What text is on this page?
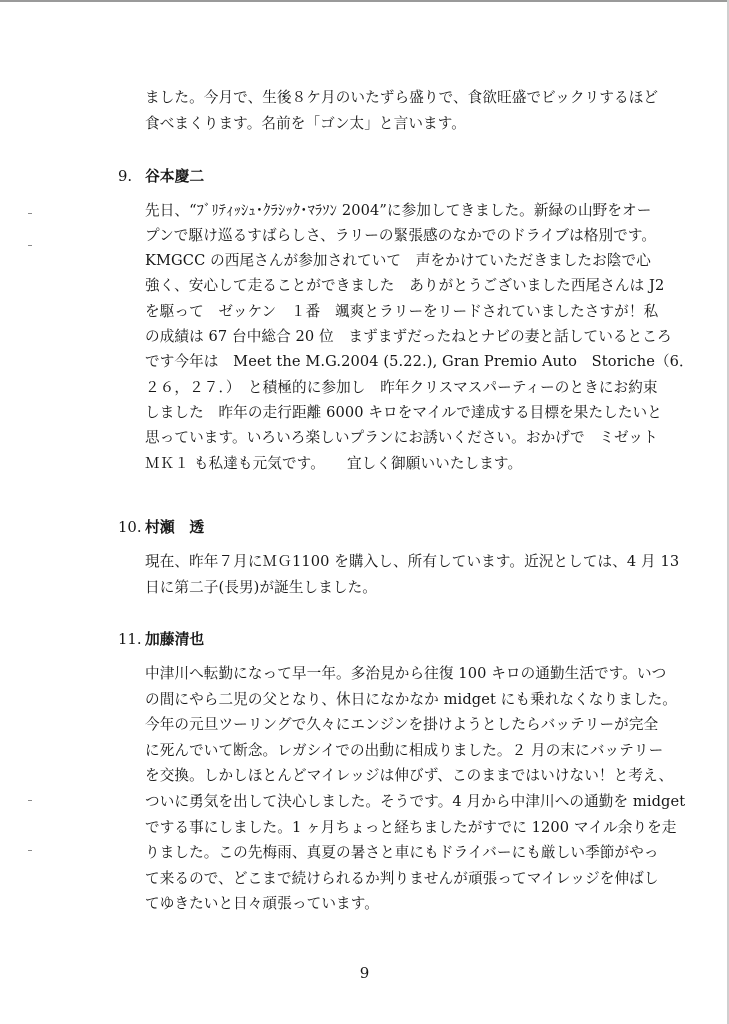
ました。今月で、生後８ケ月のいたずら盛りで、食欲旺盛でビックリするほど
食べまくります。名前を「ゴン太」と言います。
9. 谷本慶二
先日、“ﾌﾞﾘﾃｨｯｼｭ･ｸﾗｼｯｸ･ﾏﾗｿﾝ 2004”に参加してきました。新緑の山野をオー
プンで駆け巡るすばらしさ、ラリーの緊張感のなかでのドライブは格別です。
KMGCC の西尾さんが参加されていて　声をかけていただきましたお陰で心
強く、安心して走ることができました　ありがとうございました西尾さんは J2
を駆って　ゼッケン　１番　颯爽とラリーをリードされていましたさすが！私
の成績は 67 台中総合 20 位　まずまずだったねとナビの妻と話しているところ
です今年は　Meet the M.G.2004 (5.22.), Gran Premio Auto　Storiche（6．
２６，２７．）　と積極的に参加し　昨年クリスマスパーティーのときにお約束
しました　昨年の走行距離 6000 キロをマイルで達成する目標を果たしたいと
思っています。いろいろ楽しいプランにお誘いください。おかげで　ミゼット
ＭＫ１ も私達も元気です。　　宜しく御願いいたします。
10. 村瀬　透
現在、昨年７月にＭＧ1100 を購入し、所有しています。近況としては、4 月 13
日に第二子(長男)が誕生しました。
11. 加藤清也
中津川へ転勤になって早一年。多治見から往復 100 キロの通勤生活です。いつ
の間にやら二児の父となり、休日になかなか midget にも乗れなくなりました。
今年の元旦ツーリングで久々にエンジンを掛けようとしたらバッテリーが完全
に死んでいて断念。レガシイでの出動に相成りました。２ 月の末にバッテリー
を交換。しかしほとんどマイレッジは伸びず、このままではいけない！と考え、
ついに勇気を出して決心しました。そうです。4 月から中津川への通勤を midget
でする事にしました。1 ヶ月ちょっと経ちましたがすでに 1200 マイル余りを走
りました。この先梅雨、真夏の暑さと車にもドライバーにも厳しい季節がやっ
て来るので、どこまで続けられるか判りませんが頑張ってマイレッジを伸ばし
てゆきたいと日々頑張っています。
9
